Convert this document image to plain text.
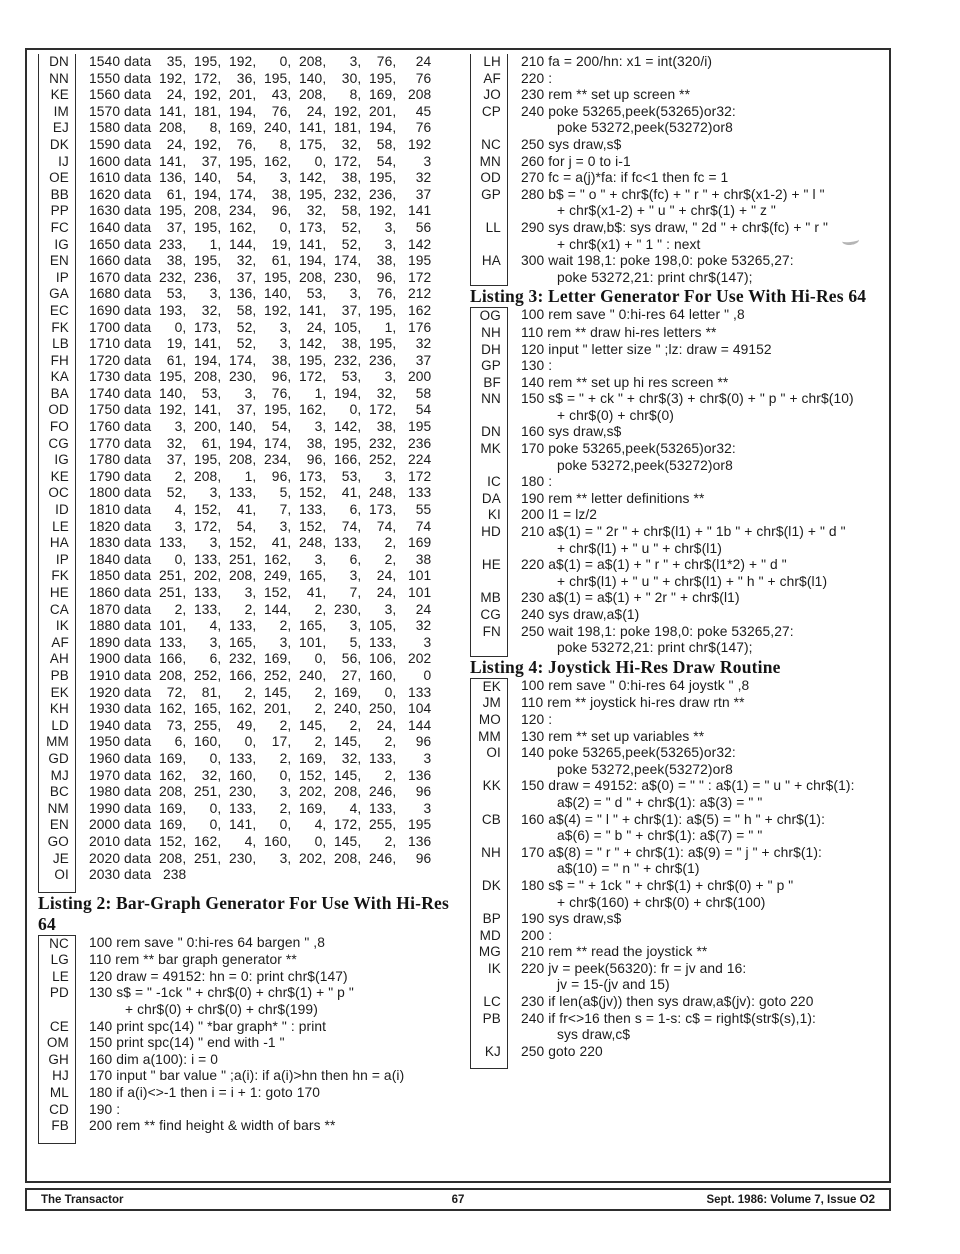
DN	1540 data 35, 195, 192, 0, 208, 3, 76, 24
NN	1550 data 192, 172, 36, 195, 140, 30, 195, 76
KE	1560 data 24, 192, 201, 43, 208, 8, 169, 208
IM	1570 data 141, 181, 194, 76, 24, 192, 201, 45
EJ	1580 data 208, 8, 169, 240, 141, 181, 194, 76
DK	1590 data 24, 192, 76, 8, 175, 32, 58, 192
IJ	1600 data 141, 37, 195, 162, 0, 172, 54, 3
OE	1610 data 136, 140, 54, 3, 142, 38, 195, 32
BB	1620 data 61, 194, 174, 38, 195, 232, 236, 37
PP	1630 data 195, 208, 234, 96, 32, 58, 192, 141
FC	1640 data 37, 195, 162, 0, 173, 52, 3, 56
IG	1650 data 233, 1, 144, 19, 141, 52, 3, 142
EN	1660 data 38, 195, 32, 61, 194, 174, 38, 195
IP	1670 data 232, 236, 37, 195, 208, 230, 96, 172
GA	1680 data 53, 3, 136, 140, 53, 3, 76, 212
EC	1690 data 193, 32, 58, 192, 141, 37, 195, 162
FK	1700 data 0, 173, 52, 3, 24, 105, 1, 176
LB	1710 data 19, 141, 52, 3, 142, 38, 195, 32
FH	1720 data 61, 194, 174, 38, 195, 232, 236, 37
KA	1730 data 195, 208, 230, 96, 172, 53, 3, 200
BA	1740 data 140, 53, 3, 76, 1, 194, 32, 58
OD	1750 data 192, 141, 37, 195, 162, 0, 172, 54
FO	1760 data 3, 200, 140, 54, 3, 142, 38, 195
CG	1770 data 32, 61, 194, 174, 38, 195, 232, 236
IG	1780 data 37, 195, 208, 234, 96, 166, 252, 224
KE	1790 data 2, 208, 1, 96, 173, 53, 3, 172
OC	1800 data 52, 3, 133, 5, 152, 41, 248, 133
ID	1810 data 4, 152, 41, 7, 133, 6, 173, 55
LE	1820 data 3, 172, 54, 3, 152, 74, 74, 74
HA	1830 data 133, 3, 152, 41, 248, 133, 2, 169
IP	1840 data 0, 133, 251, 162, 3, 6, 2, 38
FK	1850 data 251, 202, 208, 249, 165, 3, 24, 101
HE	1860 data 251, 133, 3, 152, 41, 7, 24, 101
CA	1870 data 2, 133, 2, 144, 2, 230, 3, 24
IK	1880 data 101, 4, 133, 2, 165, 3, 105, 32
AF	1890 data 133, 3, 165, 3, 101, 5, 133, 3
AH	1900 data 166, 6, 232, 169, 0, 56, 106, 202
PB	1910 data 208, 252, 166, 252, 240, 27, 160, 0
EK	1920 data 72, 81, 2, 145, 2, 169, 0, 133
KH	1930 data 162, 165, 162, 201, 2, 240, 250, 104
LD	1940 data 73, 255, 49, 2, 145, 2, 24, 144
MM	1950 data 6, 160, 0, 17, 2, 145, 2, 96
GD	1960 data 169, 0, 133, 2, 169, 32, 133, 3
MJ	1970 data 162, 32, 160, 0, 152, 145, 2, 136
BC	1980 data 208, 251, 230, 3, 202, 208, 246, 96
NM	1990 data 169, 0, 133, 2, 169, 4, 133, 3
EN	2000 data 169, 0, 141, 0, 4, 172, 255, 195
GO	2010 data 152, 162, 4, 160, 0, 145, 2, 136
JE	2020 data 208, 251, 230, 3, 202, 208, 246, 96
OI	2030 data 238
Listing 2: Bar-Graph Generator For Use With Hi-Res 64
NC	100 rem save " 0:hi-res 64 bargen " ,8
LG	110 rem ** bar graph generator **
LE	120 draw = 49152: hn = 0: print chr$(147)
PD	130 s$ = " -1ck " + chr$(0) + chr$(1) + " p "
+ chr$(0) + chr$(0) + chr$(199)
CE	140 print spc(14) " *bar graph* " : print
OM	150 print spc(14) " end with -1 "
GH	160 dim a(100): i = 0
HJ	170 input " bar value " ;a(i): if a(i)>hn then hn = a(i)
ML	180 if a(i)<>-1 then i = i + 1: goto 170
CD	190 :
FB	200 rem ** find height & width of bars **
LH	210 fa = 200/hn: x1 = int(320/i)
AF	220 :
JO	230 rem ** set up screen **
CP	240 poke 53265,peek(53265)or32:
poke 53272,peek(53272)or8
NC	250 sys draw,s$
MN	260 for j = 0 to i-1
OD	270 fc = a(j)*fa: if fc<1 then fc = 1
GP	280 b$ = " o " + chr$(fc) + " r " + chr$(x1-2) + " l "
+ chr$(x1-2) + " u " + chr$(1) + " z "
LL	290 sys draw,b$: sys draw, " 2d " + chr$(fc) + " r "
+ chr$(x1) + " 1 " : next
HA	300 wait 198,1: poke 198,0: poke 53265,27:
poke 53272,21: print chr$(147);
Listing 3: Letter Generator For Use With Hi-Res 64
OG	100 rem save " 0:hi-res 64 letter " ,8
NH	110 rem ** draw hi-res letters **
DH	120 input " letter size " ;lz: draw = 49152
GP	130 :
BF	140 rem ** set up hi res screen **
NN	150 s$ = " + ck " + chr$(3) + chr$(0) + " p " + chr$(10)
+ chr$(0) + chr$(0)
DN	160 sys draw,s$
MK	170 poke 53265,peek(53265)or32:
poke 53272,peek(53272)or8
IC	180 :
DA	190 rem ** letter definitions **
KI	200 l1 = lz/2
HD	210 a$(1) = " 2r " + chr$(l1) + " 1b " + chr$(l1) + " d "
+ chr$(l1) + " u " + chr$(l1)
HE	220 a$(1) = a$(1) + " r " + chr$(l1*2) + " d "
+ chr$(l1) + " u " + chr$(l1) + " h " + chr$(l1)
MB	230 a$(1) = a$(1) + " 2r " + chr$(l1)
CG	240 sys draw,a$(1)
FN	250 wait 198,1: poke 198,0: poke 53265,27:
poke 53272,21: print chr$(147);
Listing 4: Joystick Hi-Res Draw Routine
EK	100 rem save " 0:hi-res 64 joystk " ,8
JM	110 rem ** joystick hi-res draw rtn **
MO	120 :
MM	130 rem ** set up variables **
OI	140 poke 53265,peek(53265)or32:
poke 53272,peek(53272)or8
KK	150 draw = 49152: a$(0) = " " : a$(1) = " u " + chr$(1):
a$(2) = " d " + chr$(1): a$(3) = " "
CB	160 a$(4) = " l " + chr$(1): a$(5) = " h " + chr$(1):
a$(6) = " b " + chr$(1): a$(7) = " "
NH	170 a$(8) = " r " + chr$(1): a$(9) = " j " + chr$(1):
a$(10) = " n " + chr$(1)
DK	180 s$ = " + 1ck " + chr$(1) + chr$(0) + " p "
+ chr$(160) + chr$(0) + chr$(100)
BP	190 sys draw,s$
MD	200 :
MG	210 rem ** read the joystick **
IK	220 jv = peek(56320): fr = jv and 16:
jv = 15-(jv and 15)
LC	230 if len(a$(jv)) then sys draw,a$(jv): goto 220
PB	240 if fr<>16 then s = 1-s: c$ = right$(str$(s),1):
sys draw,c$
KJ	250 goto 220
The Transactor	67	Sept. 1986: Volume 7, Issue O2
